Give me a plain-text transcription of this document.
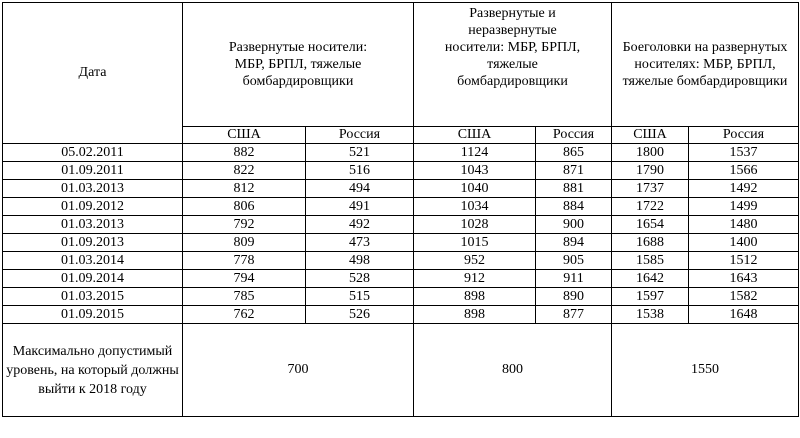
Дата	Развернутые носители: МБР, БРПЛ, тяжелые бомбардировщики		Развернутые и неразвернутые носители: МБР, БРПЛ, тяжелые бомбардировщики		Боеголовки на развернутых носителях: МБР, БРПЛ, тяжелые бомбардировщики	

	США	Россия	США	Россия	США	Россия
05.02.2011	882	521	1124	865	1800	1537
01.09.2011	822	516	1043	871	1790	1566
01.03.2013	812	494	1040	881	1737	1492
01.09.2012	806	491	1034	884	1722	1499
01.03.2013	792	492	1028	900	1654	1480
01.09.2013	809	473	1015	894	1688	1400
01.03.2014	778	498	952	905	1585	1512
01.09.2014	794	528	912	911	1642	1643
01.03.2015	785	515	898	890	1597	1582
01.09.2015	762	526	898	877	1538	1648
Максимально допустимый уровень, на который должны выйти к 2018 году	700		800		1550	
